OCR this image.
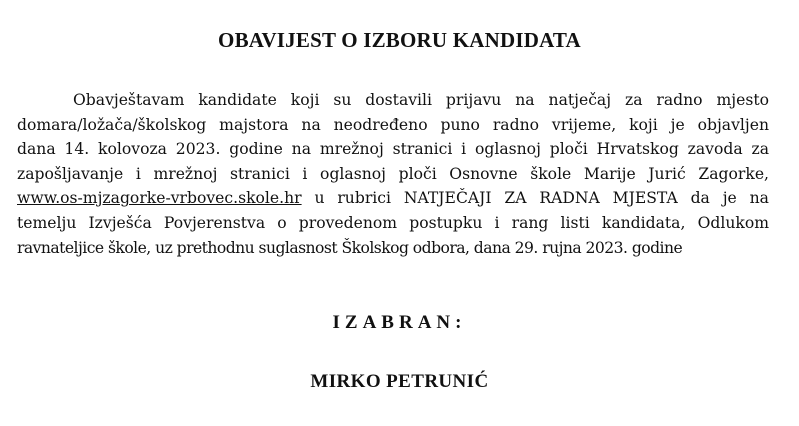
OBAVIJEST O IZBORU KANDIDATA
Obavještavam kandidate koji su dostavili prijavu na natječaj za radno mjesto
domara/ložača/školskog majstora na neodređeno puno radno vrijeme, koji je objavljen
dana 14. kolovoza 2023. godine na mrežnoj stranici i oglasnoj ploči Hrvatskog zavoda za
zapošljavanje i mrežnoj stranici i oglasnoj ploči Osnovne škole Marije Jurić Zagorke,
www.os-mjzagorke-vrbovec.skole.hr u rubrici NATJEČAJI ZA RADNA MJESTA da je na
temelju Izvješća Povjerenstva o provedenom postupku i rang listi kandidata, Odlukom
ravnateljice škole, uz prethodnu suglasnost Školskog odbora, dana 29. rujna 2023. godine
IZABRAN:
MIRKO PETRUNIĆ
